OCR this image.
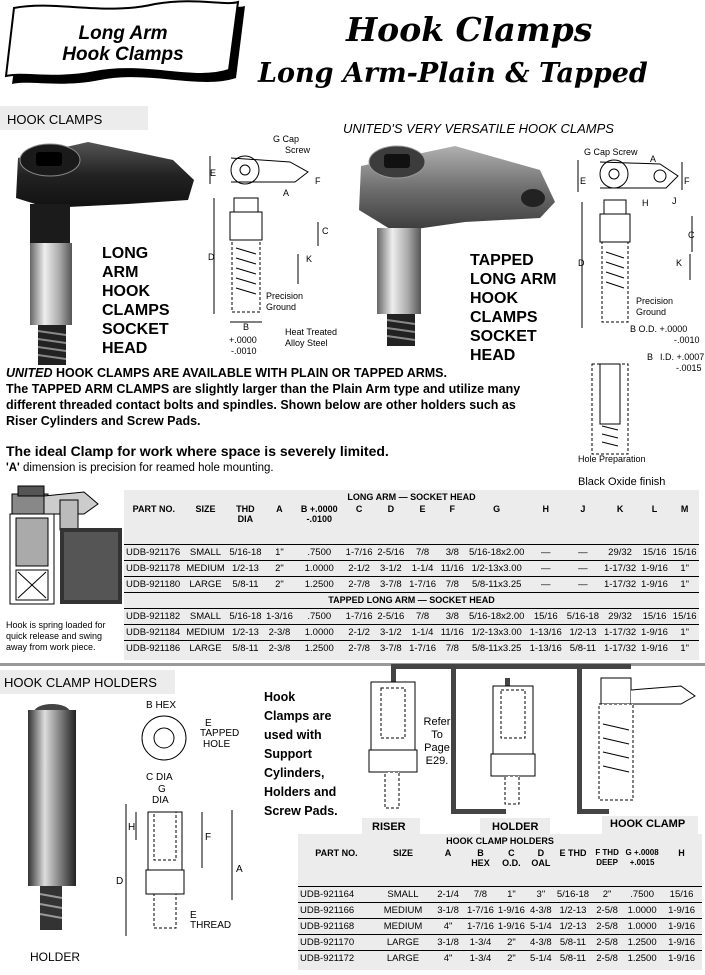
Long Arm
Hook Clamps
Hook Clamps
Long Arm-Plain & Tapped
HOOK CLAMPS
UNITED'S VERY VERSATILE HOOK CLAMPS
LONG
ARM
HOOK
CLAMPS
SOCKET
HEAD
G Cap
Screw
E
A
F
C
D	K
Precision
Ground
B
+.0000
-.0010
Heat Treated
Alloy Steel
TAPPED
LONG ARM
HOOK
CLAMPS
SOCKET
HEAD
G Cap Screw
E
A
F
H	J
C
D	K
Precision
Ground
B O.D. +.0000
-.0010
B I.D. +.0007
-.0015
Hole Preparation
Black Oxide finish
UNITED HOOK CLAMPS ARE AVAILABLE WITH PLAIN OR TAPPED ARMS.
The TAPPED ARM CLAMPS are slightly larger than the Plain Arm type and utilize many
different threaded contact bolts and spindles. Shown below are other holders such as
Riser Cylinders and Screw Pads.
The ideal Clamp for work where space is severely limited.
'A' dimension is precision for reamed hole mounting.
Hook is spring loaded for
quick release and swing
away from work piece.
LONG ARM — SOCKET HEAD														
PART NO.	SIZE	THD DIA	A	B +.0000 -.0100	C	D	E	F	G	H	J	K	L	M
UDB-921176	SMALL	5/16-18	1"	.7500	1-7/16	2-5/16	7/8	3/8	5/16-18x2.00	—	—	29/32	15/16	15/16
UDB-921178	MEDIUM	1/2-13	2"	1.0000	2-1/2	3-1/2	1-1/4	11/16	1/2-13x3.00	—	—	1-17/32	1-9/16	1"
UDB-921180	LARGE	5/8-11	2"	1.2500	2-7/8	3-7/8	1-7/16	7/8	5/8-11x3.25	—	—	1-17/32	1-9/16	1"
TAPPED LONG ARM — SOCKET HEAD														
UDB-921182	SMALL	5/16-18	1-3/16	.7500	1-7/16	2-5/16	7/8	3/8	5/16-18x2.00	15/16	5/16-18	29/32	15/16	15/16
UDB-921184	MEDIUM	1/2-13	2-3/8	1.0000	2-1/2	3-1/2	1-1/4	11/16	1/2-13x3.00	1-13/16	1/2-13	1-17/32	1-9/16	1"
UDB-921186	LARGE	5/8-11	2-3/8	1.2500	2-7/8	3-7/8	1-7/16	7/8	5/8-11x3.25	1-13/16	5/8-11	1-17/32	1-9/16	1"
HOOK CLAMP HOLDERS
HOLDER
B HEX
E
TAPPED
HOLE
C DIA
G
DIA
H
F
D
A
E
THREAD
Hook
Clamps are
used with
Support
Cylinders,
Holders and
Screw Pads.
Refer
To
Page
E29.
RISER	HOLDER	HOOK CLAMP
HOOK CLAMP HOLDERS									
PART NO.	SIZE	A	B HEX	C O.D.	D OAL	E THD	F THD DEEP	G +.0008 +.0015	H
UDB-921164	SMALL	2-1/4	7/8	1"	3"	5/16-18	2"	.7500	15/16
UDB-921166	MEDIUM	3-1/8	1-7/16	1-9/16	4-3/8	1/2-13	2-5/8	1.0000	1-9/16
UDB-921168	MEDIUM	4"	1-7/16	1-9/16	5-1/4	1/2-13	2-5/8	1.0000	1-9/16
UDB-921170	LARGE	3-1/8	1-3/4	2"	4-3/8	5/8-11	2-5/8	1.2500	1-9/16
UDB-921172	LARGE	4"	1-3/4	2"	5-1/4	5/8-11	2-5/8	1.2500	1-9/16
